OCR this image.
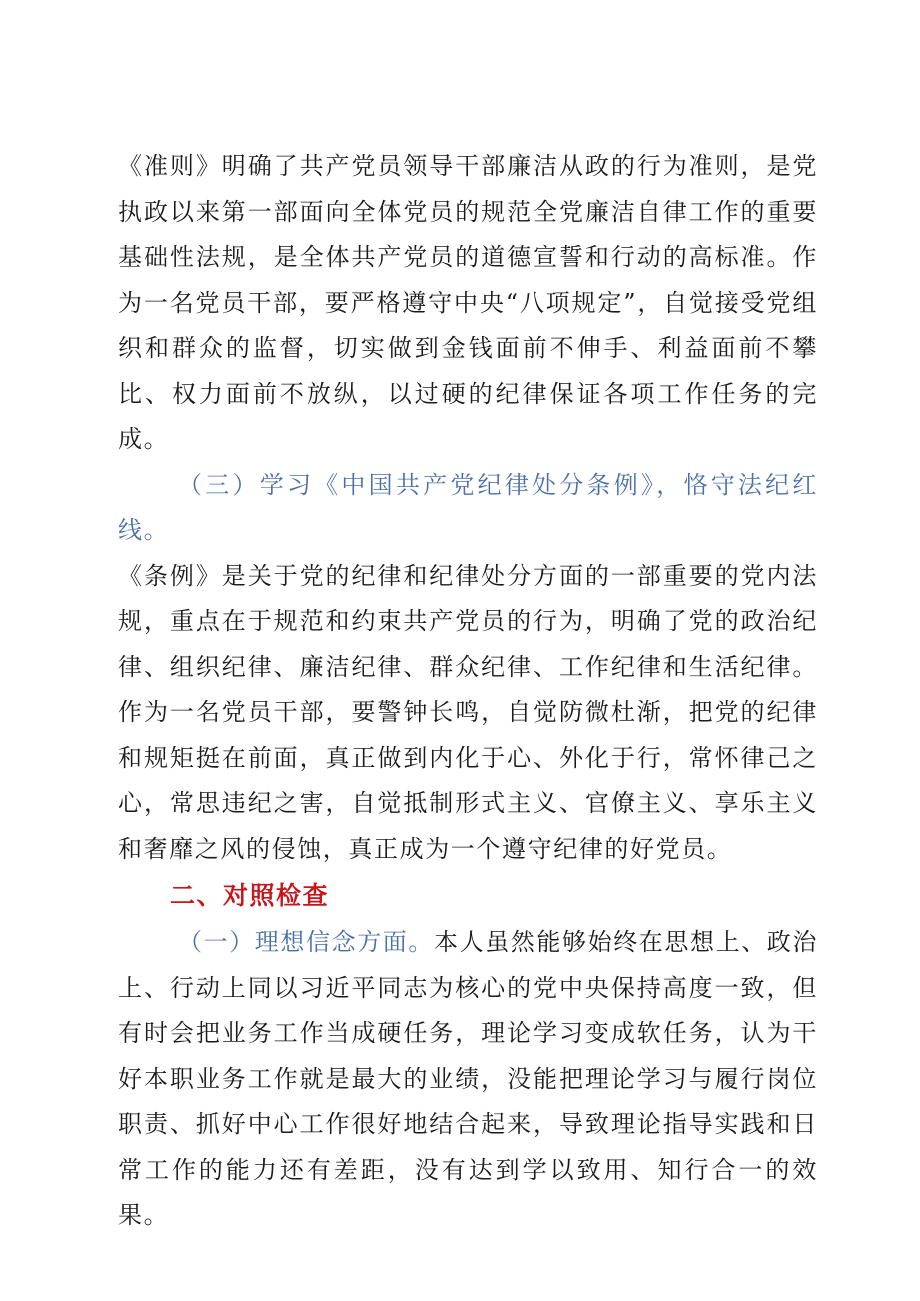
《准则》明确了共产党员领导干部廉洁从政的行为准则，是党执政以来第一部面向全体党员的规范全党廉洁自律工作的重要基础性法规，是全体共产党员的道德宣誓和行动的高标准。作为一名党员干部，要严格遵守中央“八项规定”，自觉接受党组织和群众的监督，切实做到金钱面前不伸手、利益面前不攀比、权力面前不放纵，以过硬的纪律保证各项工作任务的完成。

（三）学习《中国共产党纪律处分条例》，恪守法纪红线。

《条例》是关于党的纪律和纪律处分方面的一部重要的党内法规，重点在于规范和约束共产党员的行为，明确了党的政治纪律、组织纪律、廉洁纪律、群众纪律、工作纪律和生活纪律。作为一名党员干部，要警钟长鸣，自觉防微杜渐，把党的纪律和规矩挺在前面，真正做到内化于心、外化于行，常怀律己之心，常思违纪之害，自觉抵制形式主义、官僚主义、享乐主义和奢靡之风的侵蚀，真正成为一个遵守纪律的好党员。

二、对照检查

（一）理想信念方面。本人虽然能够始终在思想上、政治上、行动上同以习近平同志为核心的党中央保持高度一致，但有时会把业务工作当成硬任务，理论学习变成软任务，认为干好本职业务工作就是最大的业绩，没能把理论学习与履行岗位职责、抓好中心工作很好地结合起来，导致理论指导实践和日常工作的能力还有差距，没有达到学以致用、知行合一的效果。
